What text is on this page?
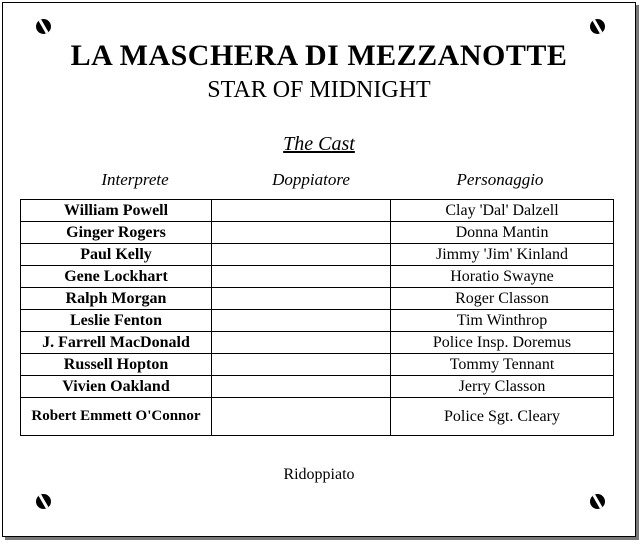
LA MASCHERA DI MEZZANOTTE
STAR OF MIDNIGHT
The Cast
Interprete	Doppiatore	Personaggio
William Powell		Clay 'Dal' Dalzell
Ginger Rogers		Donna Mantin
Paul Kelly		Jimmy 'Jim' Kinland
Gene Lockhart		Horatio Swayne
Ralph Morgan		Roger Classon
Leslie Fenton		Tim Winthrop
J. Farrell MacDonald		Police Insp. Doremus
Russell Hopton		Tommy Tennant
Vivien Oakland		Jerry Classon
Robert Emmett O'Connor		Police Sgt. Cleary
Ridoppiato
